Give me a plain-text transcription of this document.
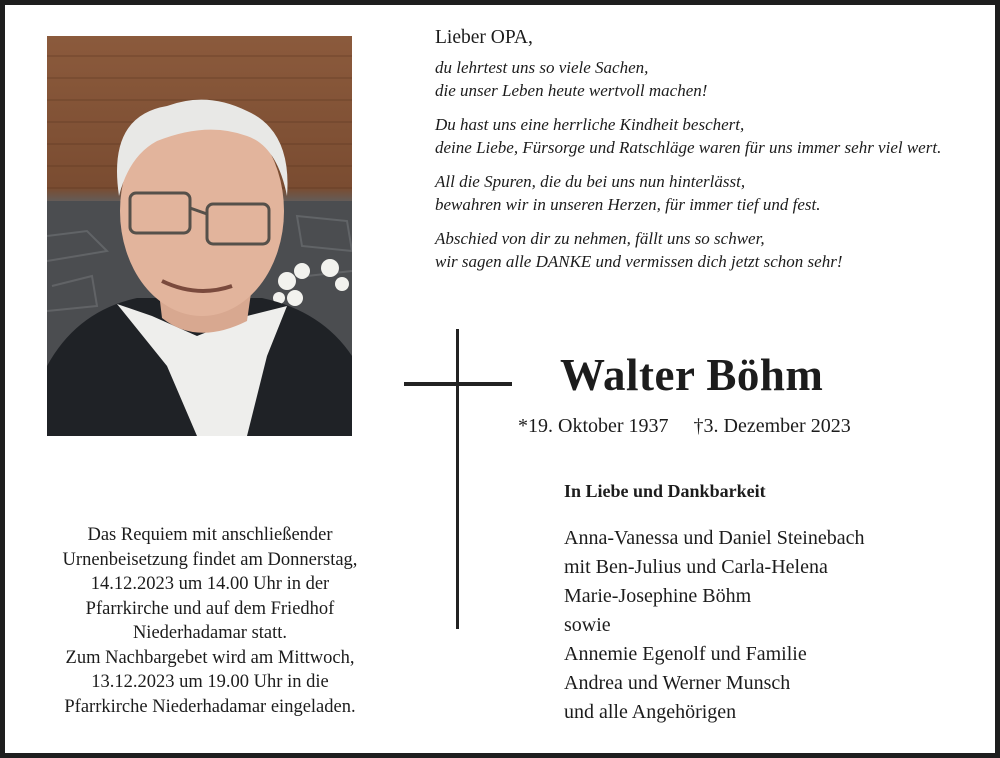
Lieber OPA,

du lehrtest uns so viele Sachen,
die unser Leben heute wertvoll machen!

Du hast uns eine herrliche Kindheit beschert,
deine Liebe, Fürsorge und Ratschläge waren für uns immer sehr viel wert.

All die Spuren, die du bei uns nun hinterlässt,
bewahren wir in unseren Herzen, für immer tief und fest.

Abschied von dir zu nehmen, fällt uns so schwer,
wir sagen alle DANKE und vermissen dich jetzt schon sehr!

Walter Böhm
*19. Oktober 1937 †3. Dezember 2023
In Liebe und Dankbarkeit
Anna-Vanessa und Daniel Steinebach
mit Ben-Julius und Carla-Helena
Marie-Josephine Böhm
sowie
Annemie Egenolf und Familie
Andrea und Werner Munsch
und alle Angehörigen
Das Requiem mit anschließender
Urnenbeisetzung findet am Donnerstag,
14.12.2023 um 14.00 Uhr in der
Pfarrkirche und auf dem Friedhof
Niederhadamar statt.
Zum Nachbargebet wird am Mittwoch,
13.12.2023 um 19.00 Uhr in die
Pfarrkirche Niederhadamar eingeladen.
